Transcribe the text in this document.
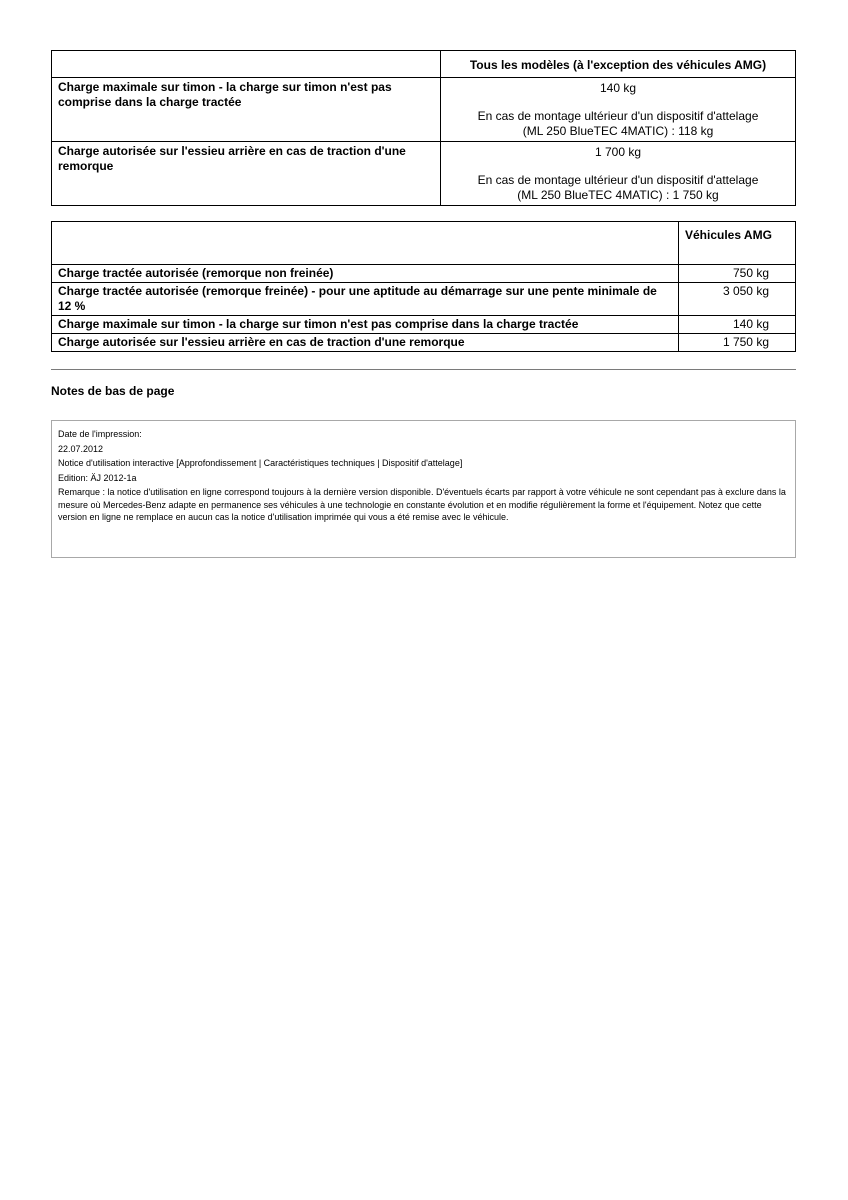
	Tous les modèles (à l'exception des véhicules AMG)
Charge maximale sur timon - la charge sur timon n'est pas comprise dans la charge tractée	140 kg
En cas de montage ultérieur d'un dispositif d'attelage
(ML 250 BlueTEC 4MATIC) : 118 kg

Charge autorisée sur l'essieu arrière en cas de traction d'une remorque	1 700 kg
En cas de montage ultérieur d'un dispositif d'attelage
(ML 250 BlueTEC 4MATIC) : 1 750 kg
	Véhicules AMG
Charge tractée autorisée (remorque non freinée)	750 kg
Charge tractée autorisée (remorque freinée) - pour une aptitude au démarrage sur une pente minimale de 12 %	3 050 kg
Charge maximale sur timon - la charge sur timon n'est pas comprise dans la charge tractée	140 kg
Charge autorisée sur l'essieu arrière en cas de traction d'une remorque	1 750 kg
Notes de bas de page

Date de l'impression:

22.07.2012

Notice d'utilisation interactive [Approfondissement | Caractéristiques techniques | Dispositif d'attelage]

Edition: ÄJ 2012-1a

Remarque : la notice d'utilisation en ligne correspond toujours à la dernière version disponible. D'éventuels écarts par rapport à votre véhicule ne sont cependant pas à exclure dans la mesure où Mercedes-Benz adapte en permanence ses véhicules à une technologie en constante évolution et en modifie régulièrement la forme et l'équipement. Notez que cette version en ligne ne remplace en aucun cas la notice d'utilisation imprimée qui vous a été remise avec le véhicule.
